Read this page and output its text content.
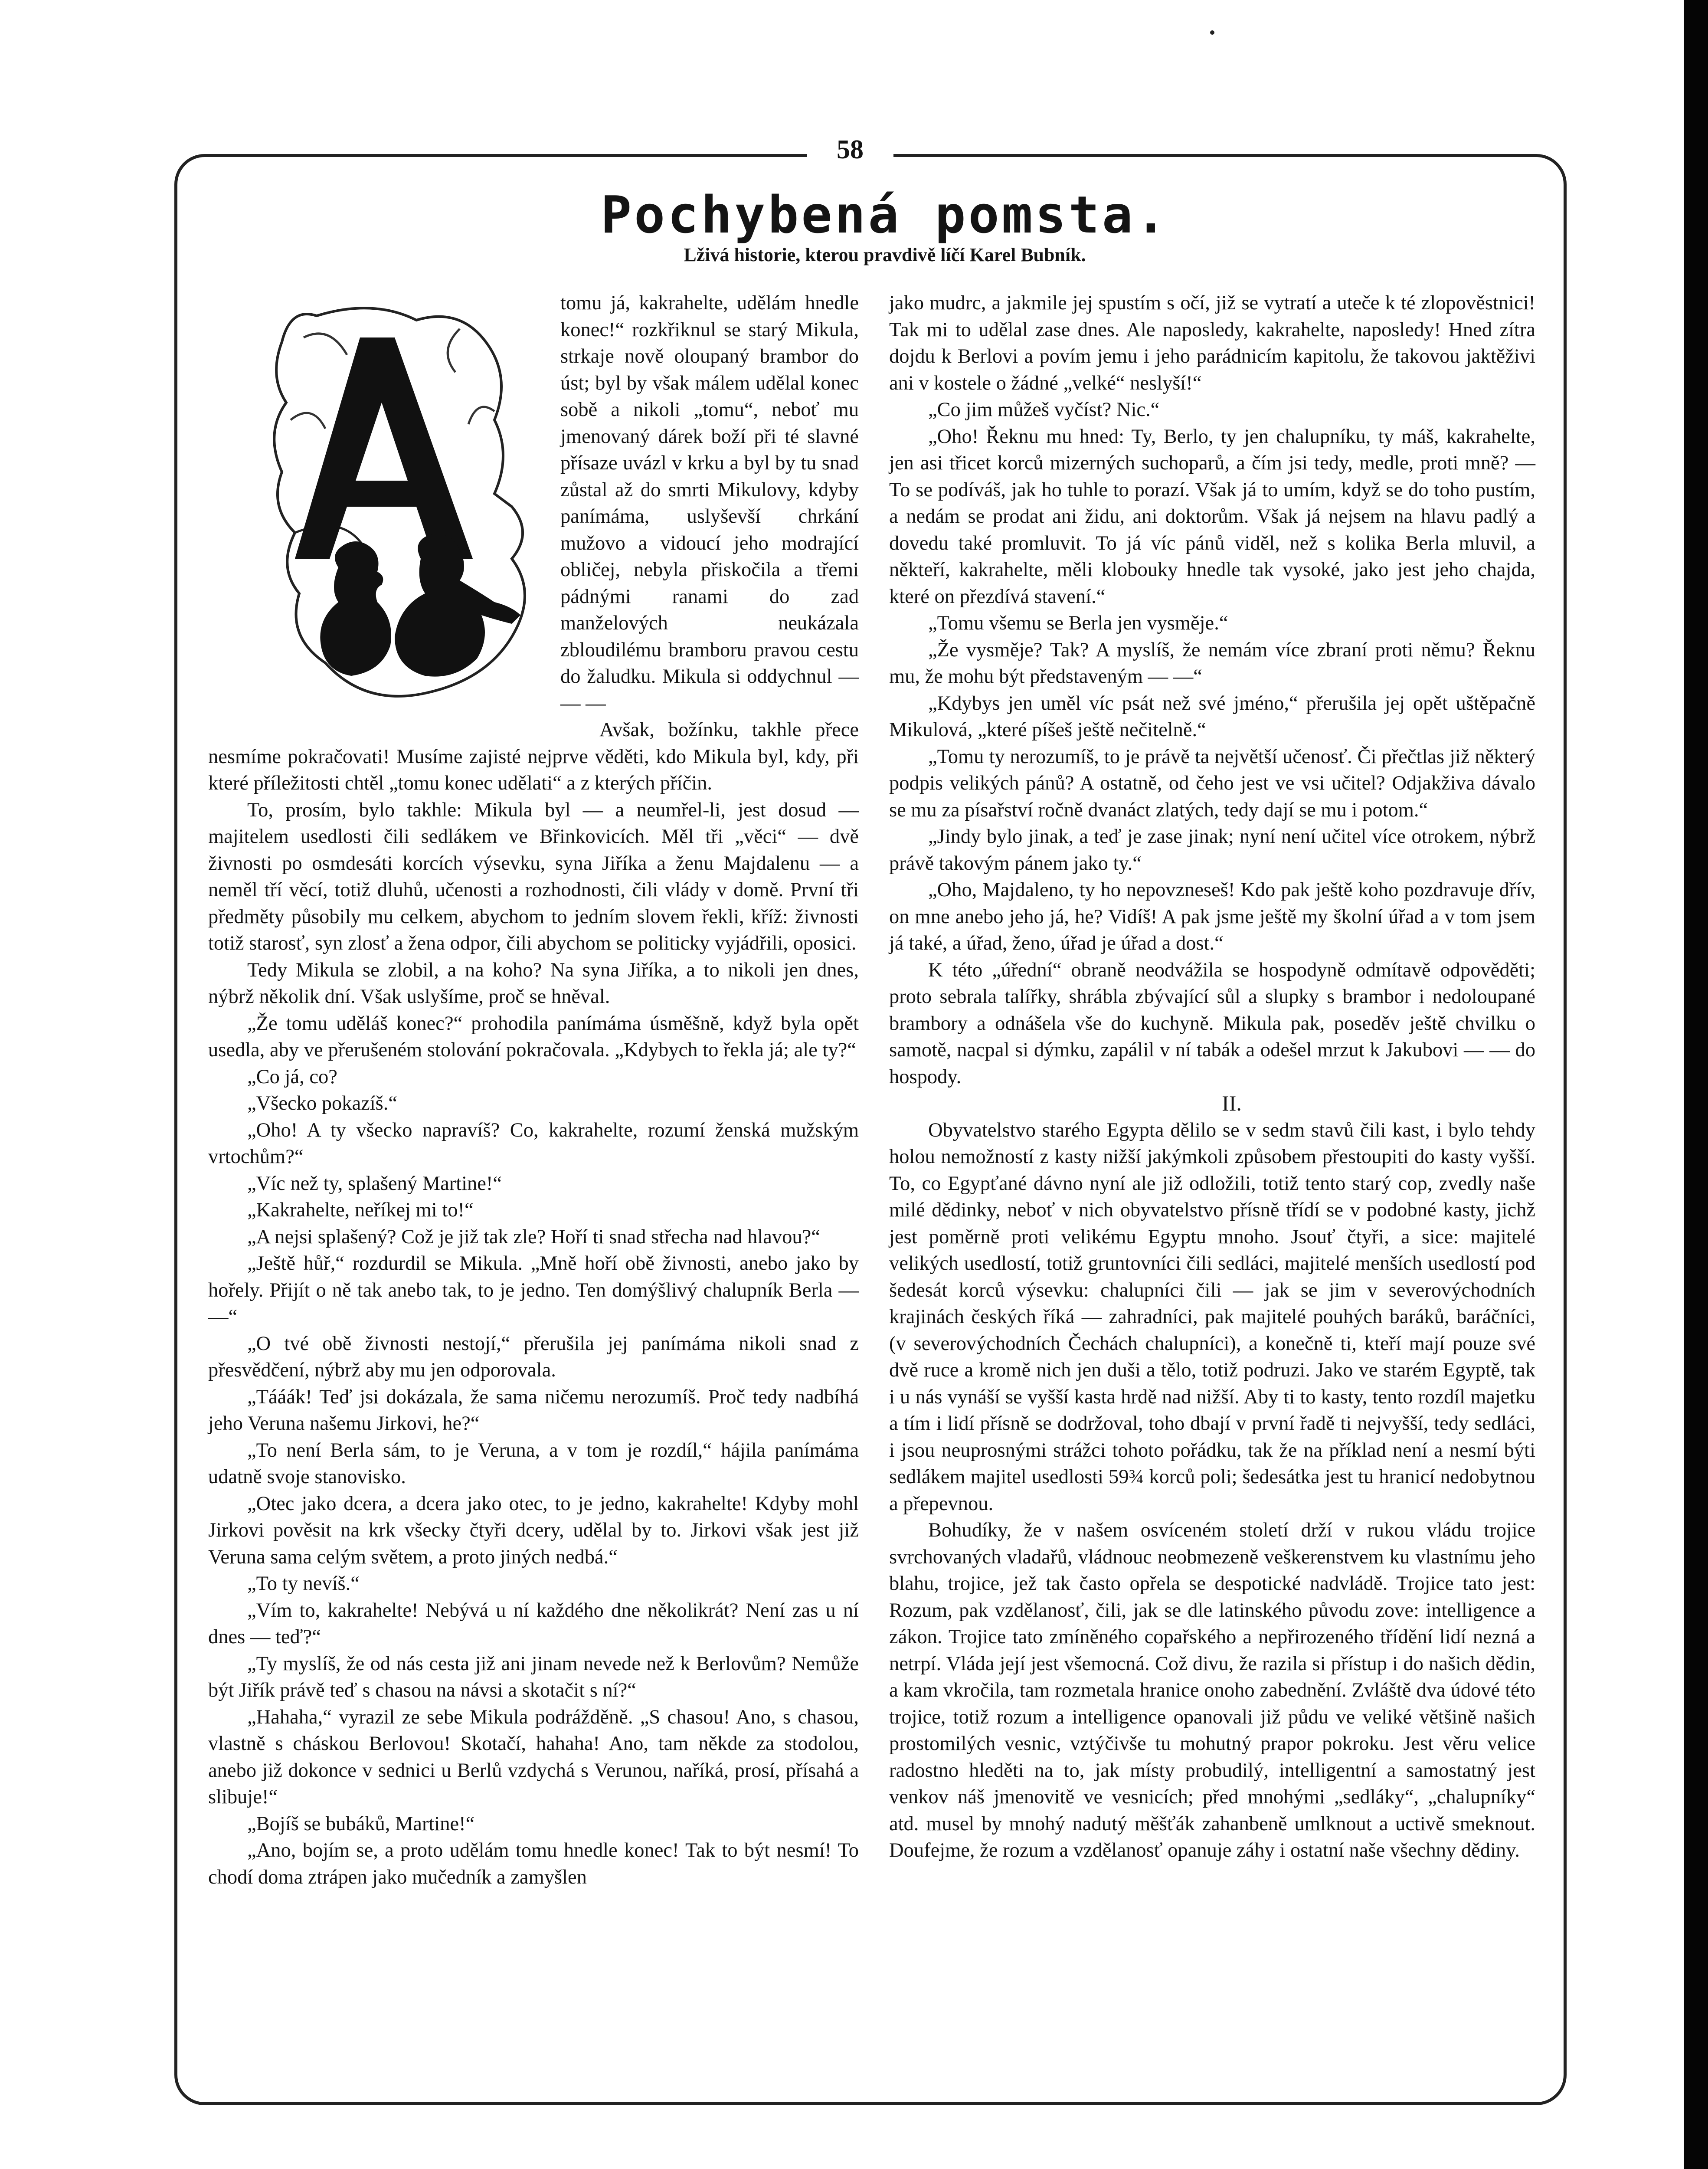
58
Pochybená pomsta.
Lživá historie, kterou pravdivě líčí Karel Bubník.

tomu já, kakrahelte, udělám hnedle konec!“ rozkřiknul se starý Mikula, strkaje nově oloupaný brambor do úst; byl by však málem udělal konec sobě a nikoli „tomu“, neboť mu jmenovaný dárek boží při té slavné přísaze uvázl v krku a byl by tu snad zůstal až do smrti Mikulovy, kdyby panímáma, uslyševší chrkání mužovo a vidoucí jeho modrající obličej, nebyla přiskočila a třemi pádnými ranami do zad manželových neukázala zbloudilému bramboru pravou cestu do žaludku. Mikula si oddychnul — — —

Avšak, božínku, takhle přece nesmíme pokračovati! Musíme zajisté nejprve věděti, kdo Mikula byl, kdy, při které příležitosti chtěl „tomu konec udělati“ a z kterých příčin.

To, prosím, bylo takhle: Mikula byl — a neumřel-li, jest dosud — majitelem usedlosti čili sedlákem ve Břinkovicích. Měl tři „věci“ — dvě živnosti po osmdesáti korcích výsevku, syna Jiříka a ženu Majdalenu — a neměl tří věcí, totiž dluhů, učenosti a rozhodnosti, čili vlády v domě. První tři předměty působily mu celkem, abychom to jedním slovem řekli, kříž: živnosti totiž starosť, syn zlosť a žena odpor, čili abychom se politicky vyjádřili, oposici.

Tedy Mikula se zlobil, a na koho? Na syna Jiříka, a to nikoli jen dnes, nýbrž několik dní. Však uslyšíme, proč se hněval.

„Že tomu uděláš konec?“ prohodila panímáma úsměšně, když byla opět usedla, aby ve přerušeném stolování pokračovala. „Kdybych to řekla já; ale ty?“

„Co já, co?

„Všecko pokazíš.“

„Oho! A ty všecko napravíš? Co, kakrahelte, rozumí ženská mužským vrtochům?“

„Víc než ty, splašený Martine!“

„Kakrahelte, neříkej mi to!“

„A nejsi splašený? Což je již tak zle? Hoří ti snad střecha nad hlavou?“

„Ještě hůř,“ rozdurdil se Mikula. „Mně hoří obě živnosti, anebo jako by hořely. Přijít o ně tak anebo tak, to je jedno. Ten domýšlivý chalupník Berla — —“

„O tvé obě živnosti nestojí,“ přerušila jej panímáma nikoli snad z přesvědčení, nýbrž aby mu jen odporovala.

„Tááák! Teď jsi dokázala, že sama ničemu nerozumíš. Proč tedy nadbíhá jeho Veruna našemu Jirkovi, he?“

„To není Berla sám, to je Veruna, a v tom je rozdíl,“ hájila panímáma udatně svoje stanovisko.

„Otec jako dcera, a dcera jako otec, to je jedno, kakrahelte! Kdyby mohl Jirkovi pověsit na krk všecky čtyři dcery, udělal by to. Jirkovi však jest již Veruna sama celým světem, a proto jiných nedbá.“

„To ty nevíš.“

„Vím to, kakrahelte! Nebývá u ní každého dne několikrát? Není zas u ní dnes — teď?“

„Ty myslíš, že od nás cesta již ani jinam nevede než k Berlovům? Nemůže být Jiřík právě teď s chasou na návsi a skotačit s ní?“

„Hahaha,“ vyrazil ze sebe Mikula podrážděně. „S chasou! Ano, s chasou, vlastně s cháskou Berlovou! Skotačí, hahaha! Ano, tam někde za stodolou, anebo již dokonce v sednici u Berlů vzdychá s Verunou, naříká, prosí, přísahá a slibuje!“

„Bojíš se bubáků, Martine!“

„Ano, bojím se, a proto udělám tomu hnedle konec! Tak to být nesmí! To chodí doma ztrápen jako mučedník a zamyšlen

jako mudrc, a jakmile jej spustím s očí, již se vytratí a uteče k té zlopověstnici! Tak mi to udělal zase dnes. Ale naposledy, kakrahelte, naposledy! Hned zítra dojdu k Berlovi a povím jemu i jeho parádnicím kapitolu, že takovou jaktěživi ani v kostele o žádné „velké“ neslyší!“

„Co jim můžeš vyčíst? Nic.“

„Oho! Řeknu mu hned: Ty, Berlo, ty jen chalupníku, ty máš, kakrahelte, jen asi třicet korců mizerných suchoparů, a čím jsi tedy, medle, proti mně? — To se podíváš, jak ho tuhle to porazí. Však já to umím, když se do toho pustím, a nedám se prodat ani židu, ani doktorům. Však já nejsem na hlavu padlý a dovedu také promluvit. To já víc pánů viděl, než s kolika Berla mluvil, a někteří, kakrahelte, měli klobouky hnedle tak vysoké, jako jest jeho chajda, které on přezdívá stavení.“

„Tomu všemu se Berla jen vysměje.“

„Že vysměje? Tak? A myslíš, že nemám více zbraní proti němu? Řeknu mu, že mohu být představeným — —“

„Kdybys jen uměl víc psát než své jméno,“ přerušila jej opět uštěpačně Mikulová, „které píšeš ještě nečitelně.“

„Tomu ty nerozumíš, to je právě ta největší učenosť. Či přečtlas již některý podpis velikých pánů? A ostatně, od čeho jest ve vsi učitel? Odjakživa dávalo se mu za písařství ročně dvanáct zlatých, tedy dají se mu i potom.“

„Jindy bylo jinak, a teď je zase jinak; nyní není učitel více otrokem, nýbrž právě takovým pánem jako ty.“

„Oho, Majdaleno, ty ho nepovzneseš! Kdo pak ještě koho pozdravuje dřív, on mne anebo jeho já, he? Vidíš! A pak jsme ještě my školní úřad a v tom jsem já také, a úřad, ženo, úřad je úřad a dost.“

K této „úřední“ obraně neodvážila se hospodyně odmítavě odpověděti; proto sebrala talířky, shrábla zbývající sůl a slupky s brambor i nedoloupané brambory a odnášela vše do kuchyně. Mikula pak, poseděv ještě chvilku o samotě, nacpal si dýmku, zapálil v ní tabák a odešel mrzut k Jakubovi — — do hospody.

II.

Obyvatelstvo starého Egypta dělilo se v sedm stavů čili kast, i bylo tehdy holou nemožností z kasty nižší jakýmkoli způsobem přestoupiti do kasty vyšší. To, co Egypťané dávno nyní ale již odložili, totiž tento starý cop, zvedly naše milé dědinky, neboť v nich obyvatelstvo přísně třídí se v podobné kasty, jichž jest poměrně proti velikému Egyptu mnoho. Jsouť čtyři, a sice: majitelé velikých usedlostí, totiž gruntovníci čili sedláci, majitelé menších usedlostí pod šedesát korců výsevku: chalupníci čili — jak se jim v severovýchodních krajinách českých říká — zahradníci, pak majitelé pouhých baráků, baráčníci, (v severovýchodních Čechách chalupníci), a konečně ti, kteří mají pouze své dvě ruce a kromě nich jen duši a tělo, totiž podruzi. Jako ve starém Egyptě, tak i u nás vynáší se vyšší kasta hrdě nad nižší. Aby ti to kasty, tento rozdíl majetku a tím i lidí přísně se dodržoval, toho dbají v první řadě ti nejvyšší, tedy sedláci, i jsou neuprosnými strážci tohoto pořádku, tak že na příklad není a nesmí býti sedlákem majitel usedlosti 59¾ korců poli; šedesátka jest tu hranicí nedobytnou a přepevnou.

Bohudíky, že v našem osvíceném století drží v rukou vládu trojice svrchovaných vladařů, vládnouc neobmezeně veškerenstvem ku vlastnímu jeho blahu, trojice, jež tak často opřela se despotické nadvládě. Trojice tato jest: Rozum, pak vzdělanosť, čili, jak se dle latinského původu zove: intelligence a zákon. Trojice tato zmíněného copařského a nepřirozeného třídění lidí nezná a netrpí. Vláda její jest všemocná. Což divu, že razila si přístup i do našich dědin, a kam vkročila, tam rozmetala hranice onoho zabednění. Zvláště dva údové této trojice, totiž rozum a intelligence opanovali již půdu ve veliké většině našich prostomilých vesnic, vztýčivše tu mohutný prapor pokroku. Jest věru velice radostno hleděti na to, jak místy probudilý, intelligentní a samostatný jest venkov náš jmenovitě ve vesnicích; před mnohými „sedláky“, „chalupníky“ atd. musel by mnohý nadutý měšťák zahanbeně umlknout a uctivě smeknout. Doufejme, že rozum a vzdělanosť opanuje záhy i ostatní naše všechny dědiny.
